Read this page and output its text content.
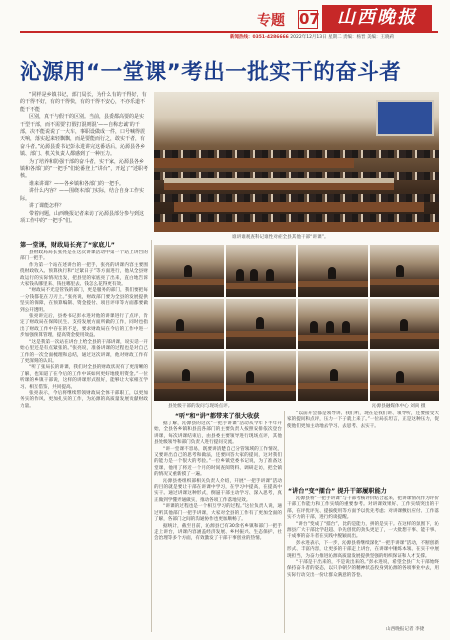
专题 07 山西晚报
新闻热线：0351-4286666 2022年12月13日 星期二 责编：杨晋 美编：王晓莉
沁源用“一堂课”考出一批实干的奋斗者

“同样是乡镇书记，部门局长，为什么有的干得好，有的干得不好，有的干得快，有的干得不安心，不亦乐道不能干不能

区别，真干与假干的区别。当前，县委都高要的是实干型干部，而不需要‘打假打混则混’——自称忠诚‘的干部，决不能说说了一大车，事职设做成一件，口号喊得震天响，落实起来轻飘飘，而是要能而行之，敢实干者，有奋斗者。”沁源县委书记彭永进讲完这番话后，沁源县各乡镇、部门、机关负责人都感到了一种压力。

为了培养和防强干部的奋斗者，实干家，沁源县各乡镇和各部门的“一把手”们轮番登上“讲台”，开起了“述职考核。

谁来讲课？——各乡镇和各部门的一把手。

讲什么内容？——围绕本部门实际，结合自身工作实际。

讲了课能怎样？

带着问题，山西晚报记者来访了沁源县部分参与到这项工作中的“一把手”们。

谁讲谁观查科记谁性对症全县其他干部“讲课”。
第一堂课，财政局长亮了“家底儿”

县财政局局长张亮是在这次讲课活动中第一个站上讲台的部门一把手。

作为第一个站在述讲台的一把手，张亮的讲课内容主要围绕财政收入、预算执行和“过紧日子”等方面进行，他从全县财政运行的实际情况出发，把县里的家底亮了出来，直白地告诉大家钱从哪里来、钱往哪里去、钱怎么花得更有效。

“财政局不光是管钱的部门，更是服务的部门，我们要把每一分钱都花在刀刃上。”张亮说，财政部门要为全县的发展提供坚实的保障，在预算编制、资金拨付、项目评审等方面都要做到公开透明。

张亮讲完后，县委书记彭永进对他的讲课进行了点评，肯定了财政局在保障民生、支持发展方面所做的工作，同时也指出了财政工作中存在的不足，要求财政局在今后的工作中进一步加强预算管理，提高资金使用效益。

“这是我第一次站在讲台上给全县的干部讲课，说实话一开始心里还是有点紧张的。”张亮说，准备讲课的过程也是对自己工作的一次全面梳理和总结，通过这次讲课，他对财政工作有了更深刻的认识。

“听了张局长的讲课，我们对全县的财政状况有了更清晰的了解，也知道了在今后的工作中该如何更好地使用资金。”一位听课的乡镇干部说，这样的讲课形式很好，能够让大家相互学习、相互借鉴，共同提高。

张亮表示，今后将继续带领财政局全体干部职工，以更加务实的作风、更加扎实的工作，为沁源的高质量发展贡献财政力量。	县处级干部的发问与现场点评。	沁源县融媒体中心 刘尚 摄
“听”和“讲”都带来了很大收获

据了解，沁源县的这次“一把手讲课”活动从今年下半年开始，全县各乡镇和县直各部门的主要负责人按照安排依次登台讲课，每次讲课结束后，由县委主要领导进行现场点评，其他县处级领导和部门负责人进行提问交流。

“讲一堂课不容易，既要讲清楚自己分管领域的工作情况，又要讲出自己的思考和做法，还要回答大家的提问，这对我们的能力是一个很大的考验。”一位乡镇党委书记说，为了准备这堂课，他用了将近一个月的时间查阅资料、调研走访，把全镇的情况又重新摸了一遍。

沁源县委组织部相关负责人介绍，开展“一把手讲课”活动的目的就是要让干部在讲课中学习，在学习中提高，在提高中实干。通过讲课这种形式，倒逼干部主动学习、深入思考，真正做到学懂弄通做实，推动各项工作落地见效。

“讲课的过程也是一个相互学习的过程。”这位负责人说，通过听其他部门一把手讲课，大家对全县的工作有了更加全面的了解，各部门之间的沟通协作也更加顺畅了。

据统计，截至目前，沁源县已有30余名乡镇和部门一把手走上讲台，讲课内容涵盖经济发展、乡村振兴、生态保护、社会治理等多个方面，有效激发了干部干事创业的热情。

“以前开会都是领导讲、我们听，现在是我们讲、领导听，还要接受大家的提问和点评，压力一下子就上来了。”一位局长坦言，正是这种压力，促使他们更加主动地去学习、去思考、去实干。

“讲台”变“擂台” 提升干部履职能力

沁源县将“一把手讲课”与干部考核评价结合起来，把讲课情况作为评价干部工作能力和工作实绩的重要参考。对讲课效果好、工作实绩突出的干部，在评优评先、提拔使用等方面予以优先考虑；对讲课敷衍应付、工作落实不力的干部，进行约谈提醒。

“讲台”变成了“擂台”，比的是能力，拼的是实干。在这样的氛围下，沁源县广大干部比学赶超、争先创优的劲头更足了，一大批想干事、能干事、干成事的奋斗者在实践中脱颖而出。

彭永进表示，下一步，沁源县将继续深化“一把手讲课”活动，不断创新形式、丰富内容，让更多的干部走上讲台，在讲课中锤炼本领、在实干中展现担当，为奋力推进沁源高质量发展提供坚强的组织保证和人才支撑。

“干部是干出来的，不是说出来的。”彭永进说，希望全县广大干部始终保持奋斗者的姿态，以只争朝夕的精神状态投身到沁源的各项事业中去，用实际行动交出一份让群众满意的答卷。

山西晚报记者 李捷
